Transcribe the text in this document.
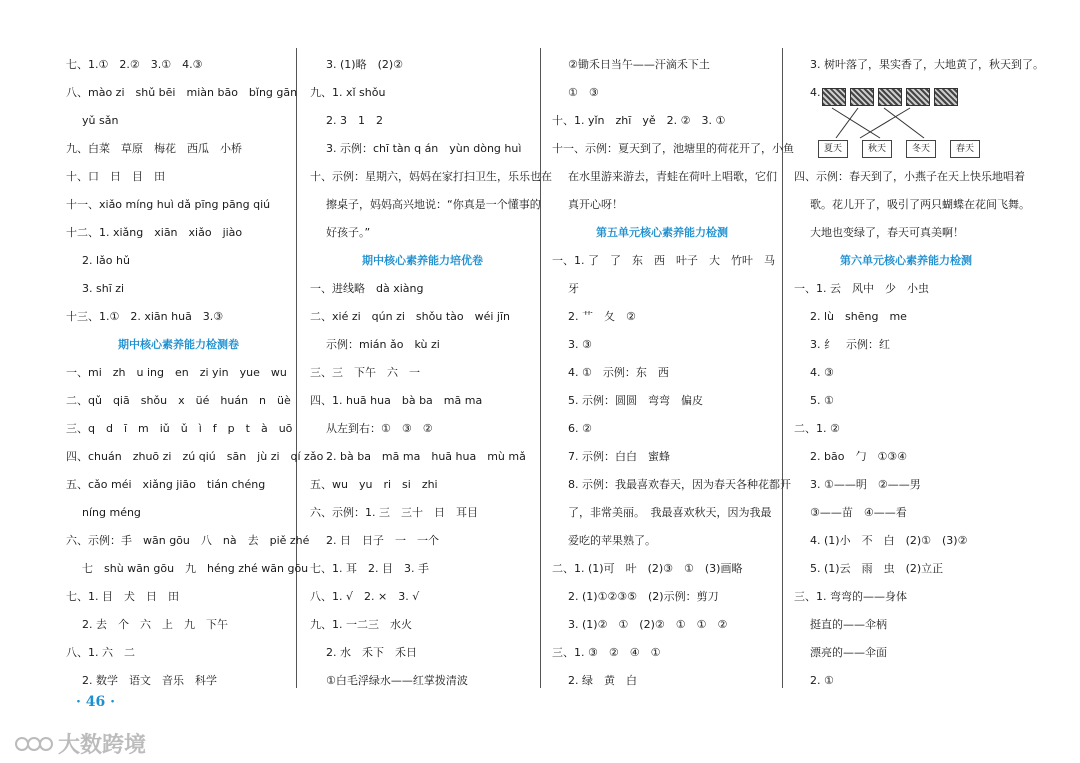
七、1.①　2.②　3.①　4.③
八、mào zi　shǔ bēi　miàn bāo　bǐng gān
yǔ sǎn
九、白菜　草原　梅花　西瓜　小桥
十、口　日　目　田
十一、xiǎo míng huì dǎ pīng pāng qiú
十二、1. xiǎng　xiān　xiǎo　jiào
2. lǎo hǔ
3. shī zi
十三、1.①　2. xiān huā　3.③
期中核心素养能力检测卷
一、mi　zh　u ing　en　zi yin　yue　wu
二、qǔ　qiā　shǒu　x　üé　huán　n　üè
三、q　d　ī　m　iǔ　ǔ　ì　f　p　t　à　uō
四、chuán　zhuō zi　zú qiú　sān　jù zi　qí zǎo
五、cǎo méi　xiǎng jiāo　tián chéng
níng méng
六、示例：手　wān gōu　八　nà　去　piě zhé
七　shù wān gōu　九　héng zhé wān gōu
七、1. 目　犬　日　田
2. 去　个　六　上　九　下午
八、1. 六　二
2. 数学　语文　音乐　科学
3. (1)略　(2)②
九、1. xǐ shǒu
2. 3　1　2
3. 示例：chī tàn q án　yùn dòng huì
十、示例：星期六，妈妈在家打扫卫生，乐乐也在
擦桌子，妈妈高兴地说：“你真是一个懂事的
好孩子。”
期中核心素养能力培优卷
一、进线略　dà xiàng
二、xié zi　qún zi　shǒu tào　wéi jīn
示例：mián ǎo　kù zi
三、三　下午　六　一
四、1. huā hua　bà ba　mā ma
从左到右：①　③　②
2. bà ba　mā ma　huā hua　mù mǎ
五、wu　yu　ri　si　zhi
六、示例：1. 三　三十　日　耳目
2. 日　日子　一　一个
七、1. 耳　2. 目　3. 手
八、1. √　2. ×　3. √
九、1. 一二三　水火
2. 水　禾下　禾日
①白毛浮绿水——红掌拨清波
②锄禾日当午——汗滴禾下土
①　③
十、1. yǐn　zhī　yě　2. ②　3. ①
十一、示例：夏天到了，池塘里的荷花开了，小鱼
在水里游来游去，青蛙在荷叶上唱歌，它们
真开心呀！
第五单元核心素养能力检测
一、1. 了　了　东　西　叶子　大　竹叶　马
牙
2. 艹　夂　②
3. ③
4. ①　示例：东　西
5. 示例：圆圆　弯弯　偏皮
6. ②
7. 示例：白白　蜜蜂
8. 示例：我最喜欢春天，因为春天各种花都开
了，非常美丽。　我最喜欢秋天，因为我最
爱吃的苹果熟了。
二、1. (1)可　叶　(2)③　①　(3)画略
2. (1)①②③⑤　(2)示例：剪刀
3. (1)②　①　(2)②　①　①　②
三、1. ③　②　④　①
2. 绿　黄　白
3. 树叶落了，果实香了，大地黄了，秋天到了。
4.
夏天	秋天	冬天	春天
四、示例：春天到了，小燕子在天上快乐地唱着
歌。花儿开了，吸引了两只蝴蝶在花间飞舞。
大地也变绿了，春天可真美啊！
第六单元核心素养能力检测
一、1. 云　风中　少　小虫
2. lù　shēng　me
3. 纟　示例：红
4. ③
5. ①
二、1. ②
2. bāo　勹　①③④
3. ①——明　②——男
③——苗　④——看
4. (1)小　不　白　(2)①　(3)②
5. (1)云　雨　虫　(2)立正
三、1. 弯弯的——身体
挺直的——伞柄
漂亮的——伞面
2. ①
· 46 ·
大数跨境
